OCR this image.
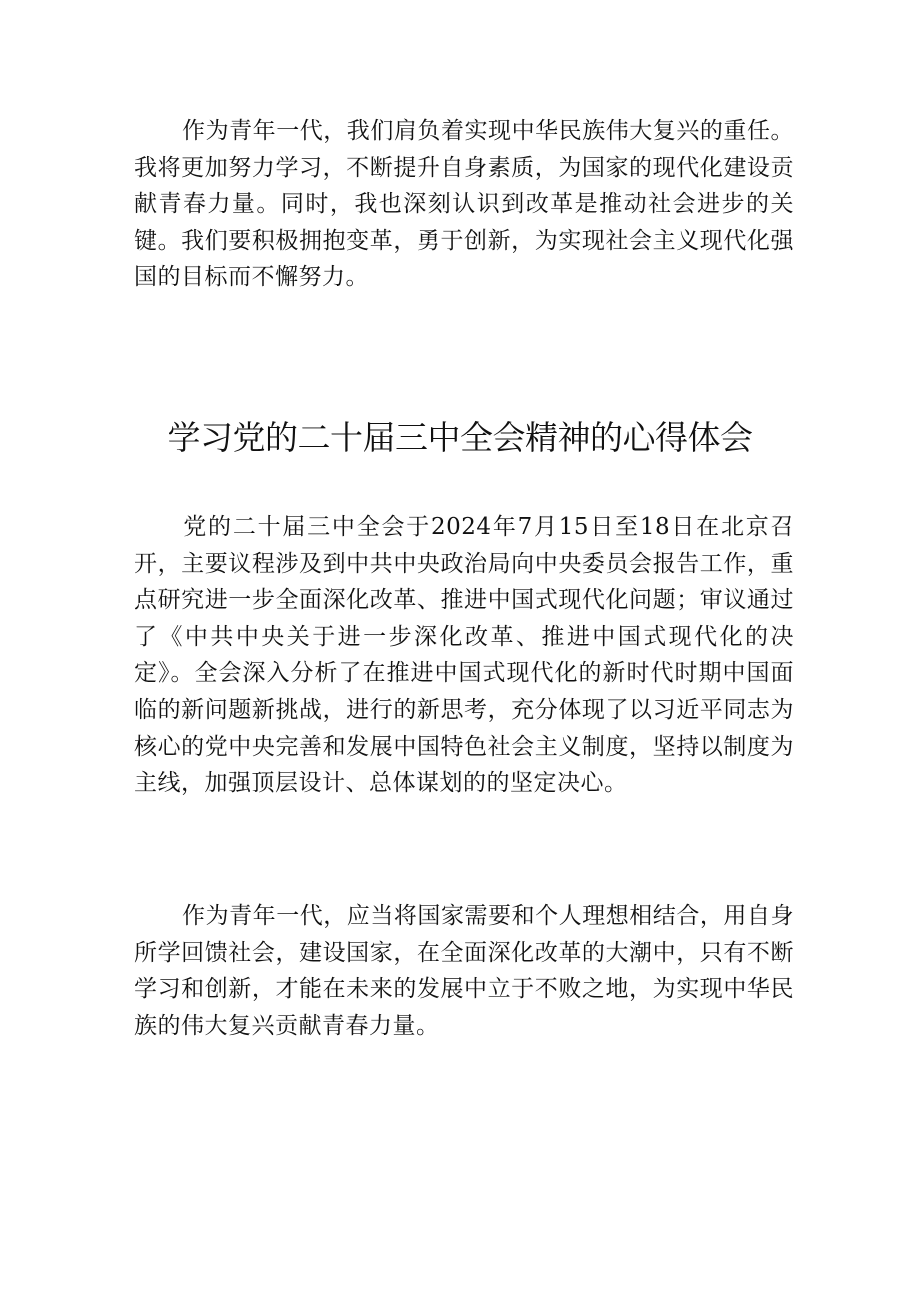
作为青年一代，我们肩负着实现中华民族伟大复兴的重任。我将更加努力学习，不断提升自身素质，为国家的现代化建设贡献青春力量。同时，我也深刻认识到改革是推动社会进步的关键。我们要积极拥抱变革，勇于创新，为实现社会主义现代化强国的目标而不懈努力。

学习党的二十届三中全会精神的心得体会

党的二十届三中全会于2024年7月15日至18日在北京召开，主要议程涉及到中共中央政治局向中央委员会报告工作，重点研究进一步全面深化改革、推进中国式现代化问题；审议通过了《中共中央关于进一步深化改革、推进中国式现代化的决定》。全会深入分析了在推进中国式现代化的新时代时期中国面临的新问题新挑战，进行的新思考，充分体现了以习近平同志为核心的党中央完善和发展中国特色社会主义制度，坚持以制度为主线，加强顶层设计、总体谋划的的坚定决心。

作为青年一代，应当将国家需要和个人理想相结合，用自身所学回馈社会，建设国家，在全面深化改革的大潮中，只有不断学习和创新，才能在未来的发展中立于不败之地，为实现中华民族的伟大复兴贡献青春力量。
